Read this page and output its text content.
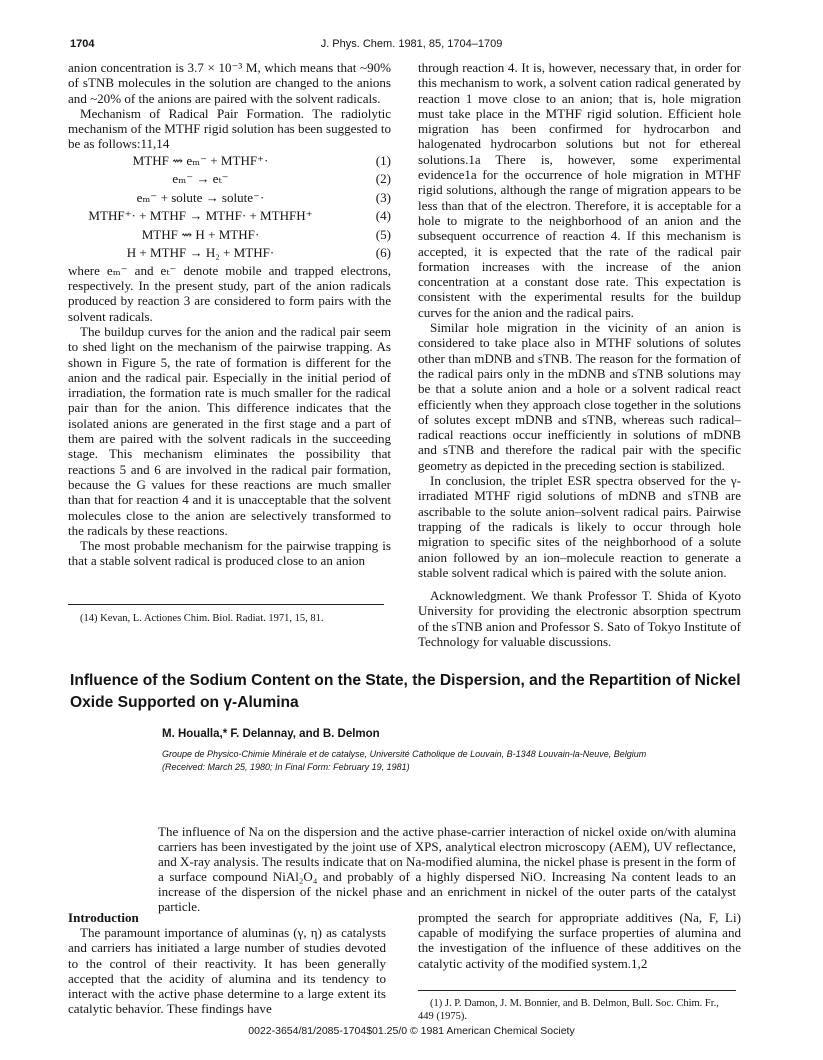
1704	J. Phys. Chem. 1981, 85, 1704–1709

anion concentration is 3.7 × 10⁻³ M, which means that ~90% of sTNB molecules in the solution are changed to the anions and ~20% of the anions are paired with the solvent radicals.

Mechanism of Radical Pair Formation. The radiolytic mechanism of the MTHF rigid solution has been suggested to be as follows:11,14

MTHF ⇝ eₘ⁻ + MTHF⁺·	(1)
eₘ⁻ → eₜ⁻	(2)
eₘ⁻ + solute → solute⁻·	(3)
MTHF⁺· + MTHF → MTHF· + MTHFH⁺	(4)
MTHF ⇝ H + MTHF·	(5)
H + MTHF → H₂ + MTHF·	(6)

where eₘ⁻ and eₜ⁻ denote mobile and trapped electrons, respectively. In the present study, part of the anion radicals produced by reaction 3 are considered to form pairs with the solvent radicals.

The buildup curves for the anion and the radical pair seem to shed light on the mechanism of the pairwise trapping. As shown in Figure 5, the rate of formation is different for the anion and the radical pair. Especially in the initial period of irradiation, the formation rate is much smaller for the radical pair than for the anion. This difference indicates that the isolated anions are generated in the first stage and a part of them are paired with the solvent radicals in the succeeding stage. This mechanism eliminates the possibility that reactions 5 and 6 are involved in the radical pair formation, because the G values for these reactions are much smaller than that for reaction 4 and it is unacceptable that the solvent molecules close to the anion are selectively transformed to the radicals by these reactions.

The most probable mechanism for the pairwise trapping is that a stable solvent radical is produced close to an anion

(14) Kevan, L. Actiones Chim. Biol. Radiat. 1971, 15, 81.

through reaction 4. It is, however, necessary that, in order for this mechanism to work, a solvent cation radical generated by reaction 1 move close to an anion; that is, hole migration must take place in the MTHF rigid solution. Efficient hole migration has been confirmed for hydrocarbon and halogenated hydrocarbon solutions but not for ethereal solutions.1a There is, however, some experimental evidence1a for the occurrence of hole migration in MTHF rigid solutions, although the range of migration appears to be less than that of the electron. Therefore, it is acceptable for a hole to migrate to the neighborhood of an anion and the subsequent occurrence of reaction 4. If this mechanism is accepted, it is expected that the rate of the radical pair formation increases with the increase of the anion concentration at a constant dose rate. This expectation is consistent with the experimental results for the buildup curves for the anion and the radical pairs.

Similar hole migration in the vicinity of an anion is considered to take place also in MTHF solutions of solutes other than mDNB and sTNB. The reason for the formation of the radical pairs only in the mDNB and sTNB solutions may be that a solute anion and a hole or a solvent radical react efficiently when they approach close together in the solutions of solutes except mDNB and sTNB, whereas such radical–radical reactions occur inefficiently in solutions of mDNB and sTNB and therefore the radical pair with the specific geometry as depicted in the preceding section is stabilized.

In conclusion, the triplet ESR spectra observed for the γ-irradiated MTHF rigid solutions of mDNB and sTNB are ascribable to the solute anion–solvent radical pairs. Pairwise trapping of the radicals is likely to occur through hole migration to specific sites of the neighborhood of a solute anion followed by an ion–molecule reaction to generate a stable solvent radical which is paired with the solute anion.

Acknowledgment. We thank Professor T. Shida of Kyoto University for providing the electronic absorption spectrum of the sTNB anion and Professor S. Sato of Tokyo Institute of Technology for valuable discussions.

Influence of the Sodium Content on the State, the Dispersion, and the Repartition of Nickel Oxide Supported on γ-Alumina
M. Houalla,* F. Delannay, and B. Delmon
Groupe de Physico-Chimie Minérale et de catalyse, Université Catholique de Louvain, B-1348 Louvain-la-Neuve, Belgium
(Received: March 25, 1980; In Final Form: February 19, 1981)
The influence of Na on the dispersion and the active phase-carrier interaction of nickel oxide on/with alumina carriers has been investigated by the joint use of XPS, analytical electron microscopy (AEM), UV reflectance, and X-ray analysis. The results indicate that on Na-modified alumina, the nickel phase is present in the form of a surface compound NiAl₂O₄ and probably of a highly dispersed NiO. Increasing Na content leads to an increase of the dispersion of the nickel phase and an enrichment in nickel of the outer parts of the catalyst particle.
Introduction

The paramount importance of aluminas (γ, η) as catalysts and carriers has initiated a large number of studies devoted to the control of their reactivity. It has been generally accepted that the acidity of alumina and its tendency to interact with the active phase determine to a large extent its catalytic behavior. These findings have

prompted the search for appropriate additives (Na, F, Li) capable of modifying the surface properties of alumina and the investigation of the influence of these additives on the catalytic activity of the modified system.1,2
(1) J. P. Damon, J. M. Bonnier, and B. Delmon, Bull. Soc. Chim. Fr., 449 (1975).
0022-3654/81/2085-1704$01.25/0 © 1981 American Chemical Society
